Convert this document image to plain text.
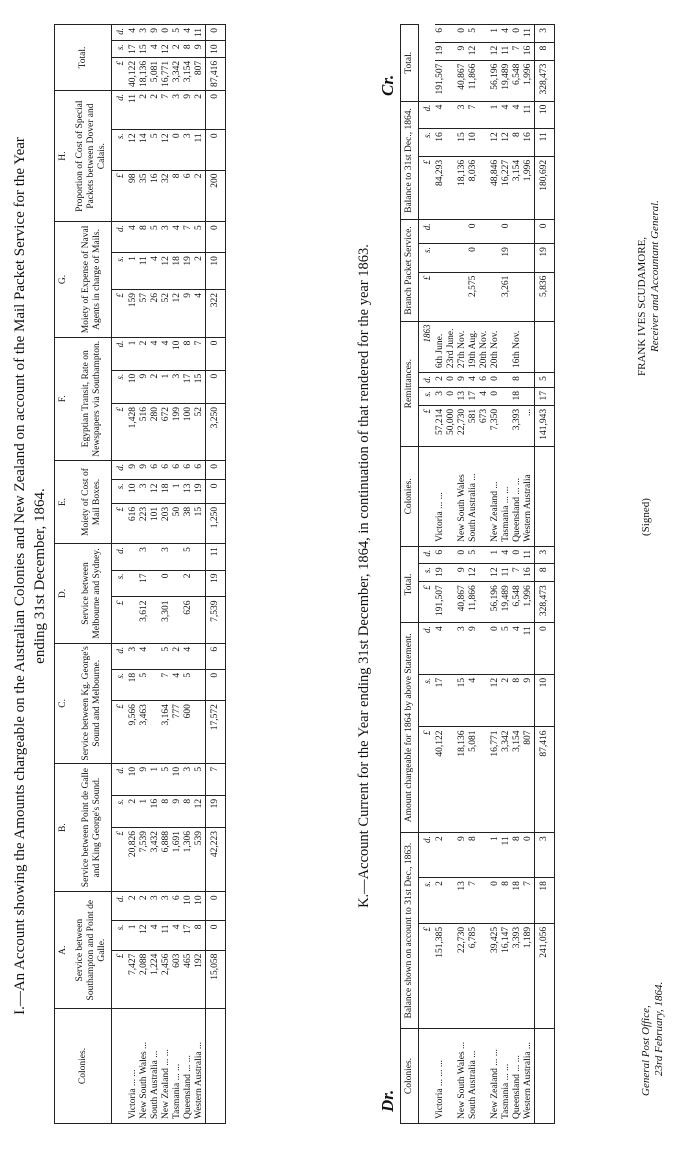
I.—An Account showing the Amounts chargeable on the Australian Colonies and New Zealand on account of the Mail Packet Service for the Year ending 31st December, 1864.
Colonies.	A.			B.			C.			D.			E.			F.			G.			H.			Total.		
	Service between Southampton and Point de Galle.			Service between Point de Galle and King George's Sound.			Service between Kg. George's Sound and Melbourne.			Service between Melbourne and Sydney.			Moiety of Cost of Mail Boxes.			Egyptian Transit, Rate on Newspapers via Southampton.			Moiety of Expense of Naval Agents in charge of Mails.			Proportion of Cost of Special Packets between Dover and Calais.					
	£	s.	d.	£	s.	d.	£	s.	d.	£	s.	d.	£	s.	d.	£	s.	d.	£	s.	d.	£	s.	d.	£	s.	d.
Victoria ... ...	7,427	1	2	20,826	2	10	9,566	18	3				616	10	9	1,428	10	1	159	1	4	98	12	11	40,122	17	4
New South Wales ...	2,088	12	2	7,539	1	9	3,463	5	4	3,612	17	3	223	3	9	516	9	2	57	11	8	35	14	2	18,136	15	3
South Australia ...	1,224	4	3	3,432	16	1							101	12	6	280	2	4	26	4	5	16	5	2	5,081	4	9
New Zealand ... ...	2,456	11	3	6,888	8	5	3,164	7	5	3,301	0	3	203	18	6	672	1	4	52	12	3	32	12	7	16,771	12	0
Tasmania ... ...	603	4	6	1,691	9	10	777	4	2				50	1	6	199	3	10	12	18	4	8	0	3	3,342	2	5
Queensland ... ...	465	17	10	1,306	8	3	600	5	4	626	2	5	38	13	6	100	17	8	9	19	7	6	3	9	3,154	8	4
Western Australia ...	192	8	10	539	12	5							15	19	6	52	15	7	4	2	5	2	11	2	807	9	11
	15,058	0	0	42,223	19	7	17,572	0	6	7,539	19	11	1,250	0	0	3,250	0	0	322	10	0	200	0	0	87,416	10	0
K.—Account Current for the Year ending 31st December, 1864, in continuation of that rendered for the year 1863.
Dr.
Cr.
Colonies.	Balance shown on account to 31st Dec., 1863.			Amount chargeable for 1864 by above Statement.			Total.			Colonies.	Remittances.				Branch Packet Service.			Balance to 31st Dec., 1864.			Total.		
	£	s.	d.	£	s.	d.	£	s.	d.		£	s.	d.	1863	£	s.	d.	£	s.	d.			
Victoria ... ... ...	151,385	2	2	40,122	17	4	191,507	19	6	Victoria ... ...	57,214	3	2	6th June.				84,293	16	4	191,507	19	6
											50,000	0	0	23rd June.									
New South Wales ...	22,730	13	9	18,136	15	3	40,867	9	0	New South Wales	22,730	13	9	27th Nov.				18,136	15	3	40,867	9	0
South Australia ...	6,785	7	8	5,081	4	9	11,866	12	5	South Australia ...	581	17	4	19th Aug.	2,575	0	0	8,036	10	7	11,866	12	5
											673	4	6	20th Nov.									
New Zealand ... ...	39,425	0	1	16,771	12	0	56,196	12	1	New Zealand ...	7,350	0	0	20th Nov.				48,846	12	1	56,196	12	1
Tasmania ... ...	16,147	8	11	3,342	2	5	19,489	11	4	Tasmania ... ...					3,261	19	0	16,227	12	4	19,489	11	4
Queensland ... ...	3,393	18	8	3,154	8	4	6,548	7	0	Queensland ... ...	3,393	18	8	16th Nov.				3,154	8	4	6,548	7	0
Western Australia ...	1,189	7	0	807	9	11	1,996	16	11	Western Australia	...							1,996	16	11	1,996	16	11
	241,056	18	3	87,416	10	0	328,473	8	3		141,943	17	5		5,836	19	0	180,692	11	10	328,473	8	3
General Post Office, 23rd February, 1864.
(Signed)
FRANK IVES SCUDAMORE, Receiver and Accountant General.
